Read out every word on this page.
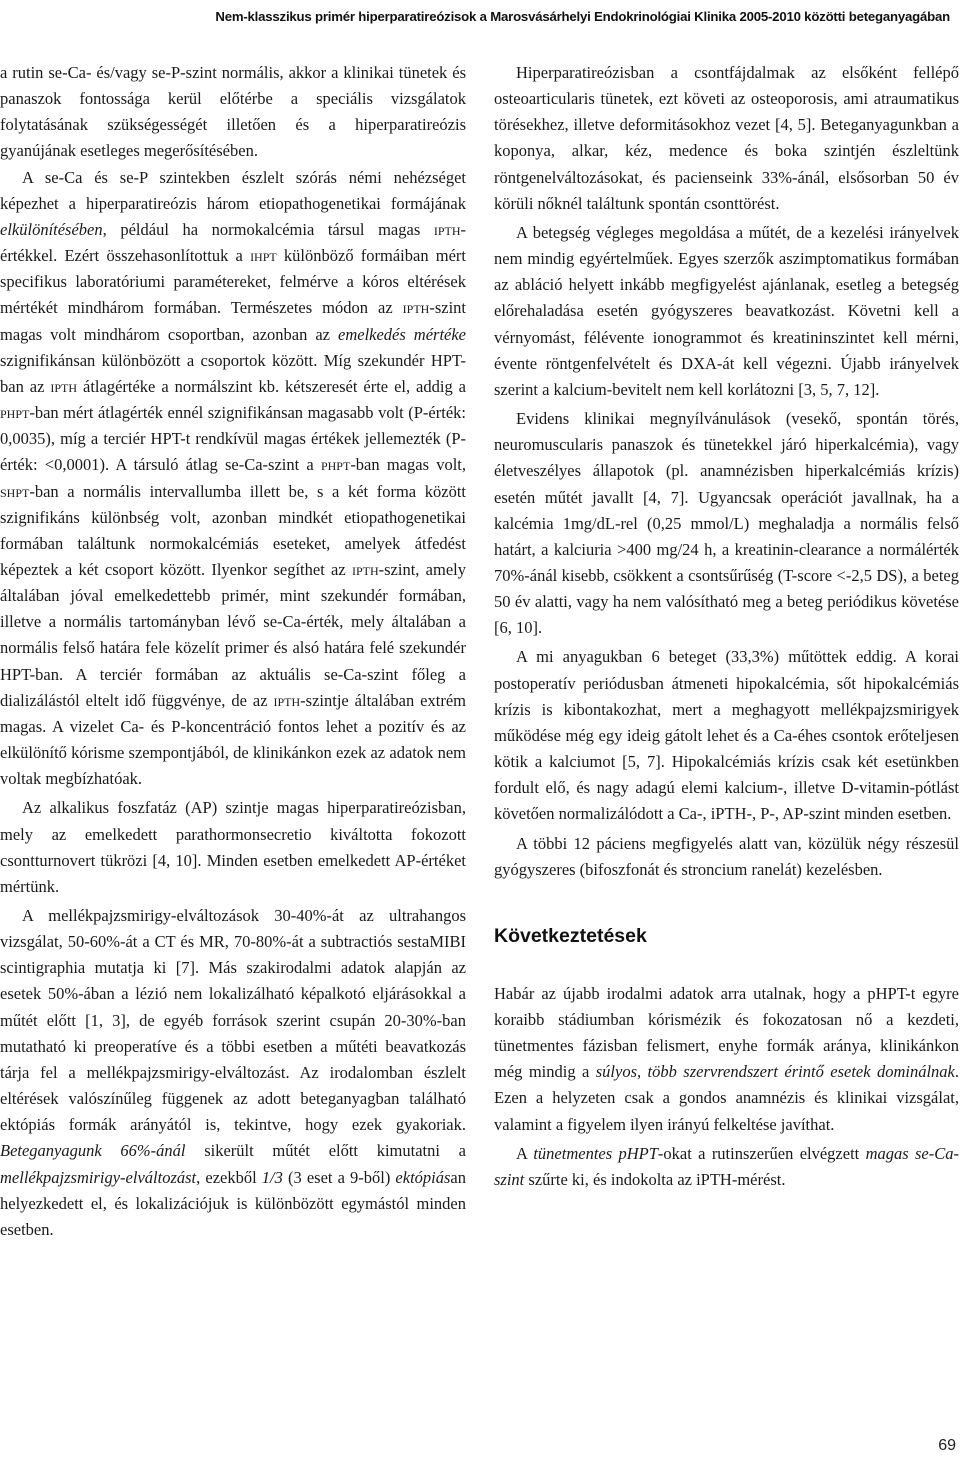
Nem-klasszikus primér hiperparatireózisok a Marosvásárhelyi Endokrinológiai Klinika 2005-2010 közötti beteganyagában

a rutin se-Ca- és/vagy se-P-szint normális, akkor a klinikai tünetek és panaszok fontossága kerül előtérbe a speciális vizsgálatok folytatásának szükségességét illetően és a hiperparatireózis gyanújának esetleges megerősítésében.

A se-Ca és se-P szintekben észlelt szórás némi nehézséget képezhet a hiperparatireózis három etiopathogenetikai formájának elkülönítésében, például ha normokalcémia társul magas ipth-értékkel. Ezért összehasonlítottuk a ihpt különböző formáiban mért specifikus laboratóriumi paramétereket, felmérve a kóros eltérések mértékét mindhárom formában. Természetes módon az ipth-szint magas volt mindhárom csoportban, azonban az emelkedés mértéke szignifikánsan különbözött a csoportok között. Míg szekundér HPT-ban az ipth átlagértéke a normálszint kb. kétszeresét érte el, addig a phpt-ban mért átlagérték ennél szignifikánsan magasabb volt (P-érték: 0,0035), míg a terciér HPT-t rendkívül magas értékek jellemezték (P-érték: <0,0001). A társuló átlag se-Ca-szint a phpt-ban magas volt, shpt-ban a normális intervallumba illett be, s a két forma között szignifikáns különbség volt, azonban mindkét etiopathogenetikai formában találtunk normokalcémiás eseteket, amelyek átfedést képeztek a két csoport között. Ilyenkor segíthet az ipth-szint, amely általában jóval emelkedettebb primér, mint szekundér formában, illetve a normális tartományban lévő se-Ca-érték, mely általában a normális felső határa fele közelít primer és alsó határa felé szekundér HPT-ban. A terciér formában az aktuális se-Ca-szint főleg a dializálástól eltelt idő függvénye, de az ipth-szintje általában extrém magas. A vizelet Ca- és P-koncentráció fontos lehet a pozitív és az elkülönítő kórisme szempontjából, de klinikánkon ezek az adatok nem voltak megbízhatóak.

Az alkalikus foszfatáz (AP) szintje magas hiperparatireózisban, mely az emelkedett parathormonsecretio kiváltotta fokozott csontturnovert tükrözi [4, 10]. Minden esetben emelkedett AP-értéket mértünk.

A mellékpajzsmirigy-elváltozások 30-40%-át az ultrahangos vizsgálat, 50-60%-át a CT és MR, 70-80%-át a subtractiós sestaMIBI scintigraphia mutatja ki [7]. Más szakirodalmi adatok alapján az esetek 50%-ában a lézió nem lokalizálható képalkotó eljárásokkal a műtét előtt [1, 3], de egyéb források szerint csupán 20-30%-ban mutatható ki preoperatíve és a többi esetben a műtéti beavatkozás tárja fel a mellékpajzsmirigy-elváltozást. Az irodalomban észlelt eltérések valószínűleg függenek az adott beteganyagban található ektópiás formák arányától is, tekintve, hogy ezek gyakoriak. Beteganyagunk 66%-ánál sikerült műtét előtt kimutatni a mellékpajzsmirigy-elváltozást, ezekből 1/3 (3 eset a 9-ből) ektópiásan helyezkedett el, és lokalizációjuk is különbözött egymástól minden esetben.

Hiperparatireózisban a csontfájdalmak az elsőként fellépő osteoarticularis tünetek, ezt követi az osteoporosis, ami atraumatikus törésekhez, illetve deformitásokhoz vezet [4, 5]. Beteganyagunkban a koponya, alkar, kéz, medence és boka szintjén észleltünk röntgenelváltozásokat, és pacienseink 33%-ánál, elsősorban 50 év körüli nőknél találtunk spontán csonttörést.

A betegség végleges megoldása a műtét, de a kezelési irányelvek nem mindig egyértelműek. Egyes szerzők aszimptomatikus formában az abláció helyett inkább megfigyelést ajánlanak, esetleg a betegség előrehaladása esetén gyógyszeres beavatkozást. Követni kell a vérnyomást, félévente ionogrammot és kreatininszintet kell mérni, évente röntgenfelvételt és DXA-át kell végezni. Újabb irányelvek szerint a kalcium-bevitelt nem kell korlátozni [3, 5, 7, 12].

Evidens klinikai megnyílvánulások (vesekő, spontán törés, neuromuscularis panaszok és tünetekkel járó hiperkalcémia), vagy életveszélyes állapotok (pl. anamnézisben hiperkalcémiás krízis) esetén műtét javallt [4, 7]. Ugyancsak operációt javallnak, ha a kalcémia 1mg/dL-rel (0,25 mmol/L) meghaladja a normális felső határt, a kalciuria >400 mg/24 h, a kreatinin-clearance a normálérték 70%-ánál kisebb, csökkent a csontsűrűség (T-score <-2,5 DS), a beteg 50 év alatti, vagy ha nem valósítható meg a beteg periódikus követése [6, 10].

A mi anyagukban 6 beteget (33,3%) műtöttek eddig. A korai postoperatív periódusban átmeneti hipokalcémia, sőt hipokalcémiás krízis is kibontakozhat, mert a meghagyott mellékpajzsmirigyek működése még egy ideig gátolt lehet és a Ca-éhes csontok erőteljesen kötik a kalciumot [5, 7]. Hipokalcémiás krízis csak két esetünkben fordult elő, és nagy adagú elemi kalcium-, illetve D-vitamin-pótlást követően normalizálódott a Ca-, iPTH-, P-, AP-szint minden esetben.

A többi 12 páciens megfigyelés alatt van, közülük négy részesül gyógyszeres (bifoszfonát és stroncium ranelát) kezelésben.

Következtetések

Habár az újabb irodalmi adatok arra utalnak, hogy a pHPT-t egyre koraibb stádiumban kórismézik és fokozatosan nő a kezdeti, tünetmentes fázisban felismert, enyhe formák aránya, klinikánkon még mindig a súlyos, több szervrendszert érintő esetek dominálnak. Ezen a helyzeten csak a gondos anamnézis és klinikai vizsgálat, valamint a figyelem ilyen irányú felkeltése javíthat.

A tünetmentes pHPT-okat a rutinszerűen elvégzett magas se-Ca-szint szűrte ki, és indokolta az iPTH-mérést.

69
